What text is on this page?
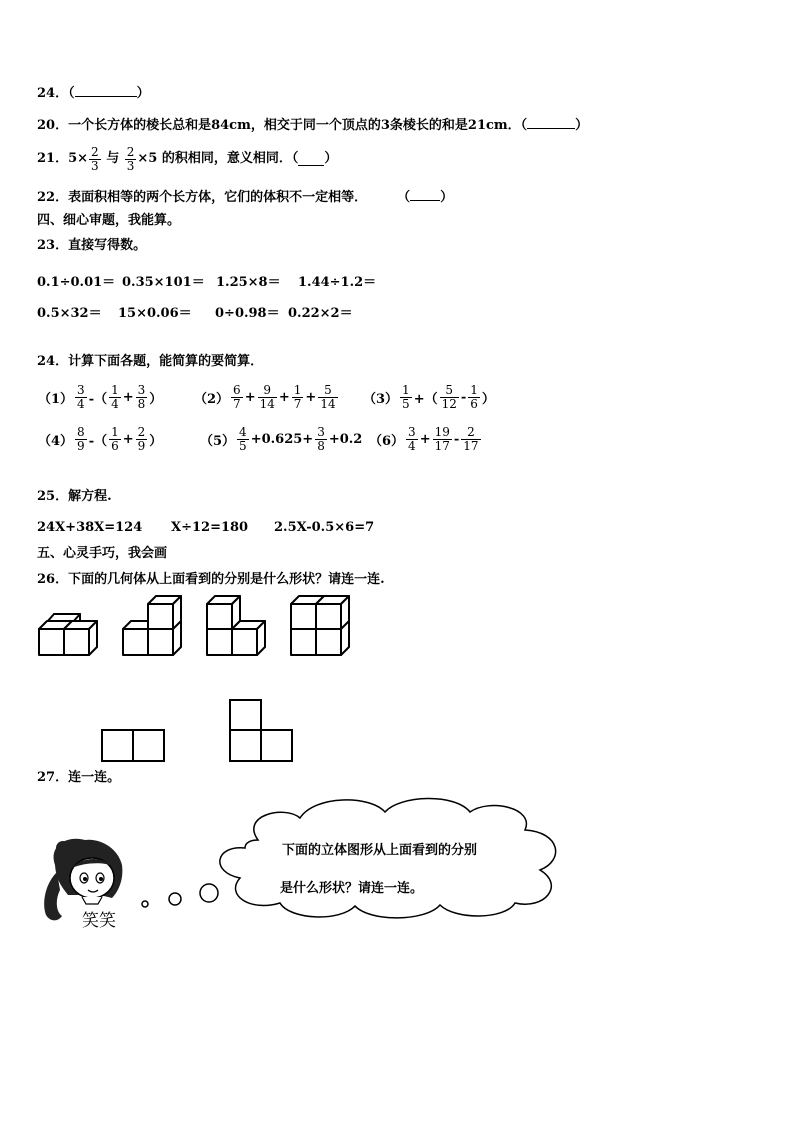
24．（	）
20．一个长方体的棱长总和是84cm，相交于同一个顶点的3条棱长的和是21cm．（	）
21．$5\times \frac{2}{3}$ 与 $\frac{2}{3} \times 5$ 的积相同，意义相同．（ ）
22．表面积相等的两个长方体，它们的体积不一定相等． （ ）
四、细心审题，我能算。
23．直接写得数。
0.1÷0.01＝ 0.35×101＝ 1.25×8＝ 1.44÷1.2＝
0.5×32＝ 15×0.06＝ 0÷0.98＝ 0.22×2＝
24．计算下面各题，能简算的要简算．
$(1) \frac{3}{4}$ -（ $\frac{1}{4} + \frac{3}{8}$ ） $(2) \frac{6}{7} + \frac{9}{14} + \frac{1}{7} + \frac{5}{14} (3) \frac{1}{5}$ +（ $\frac{5}{12} - \frac{1}{6}$ ）
$(4) \frac{8}{9}$ -（ $\frac{1}{6} + \frac{2}{9}$ ）	$(5) \frac{4}{5} +0.625+ \frac{3}{8} +0.2$ $(6) \frac{3}{4} + \frac{19}{17} - \frac{2}{17}$
25．解方程.
24X+38X=124 X÷12=180 2.5X-0.5×6=7
五、心灵手巧，我会画
26．下面的几何体从上面看到的分别是什么形状？请连一连.
27．连一连。
笑笑
下面的立体图形从上面看到的分别
是什么形状？请连一连。
